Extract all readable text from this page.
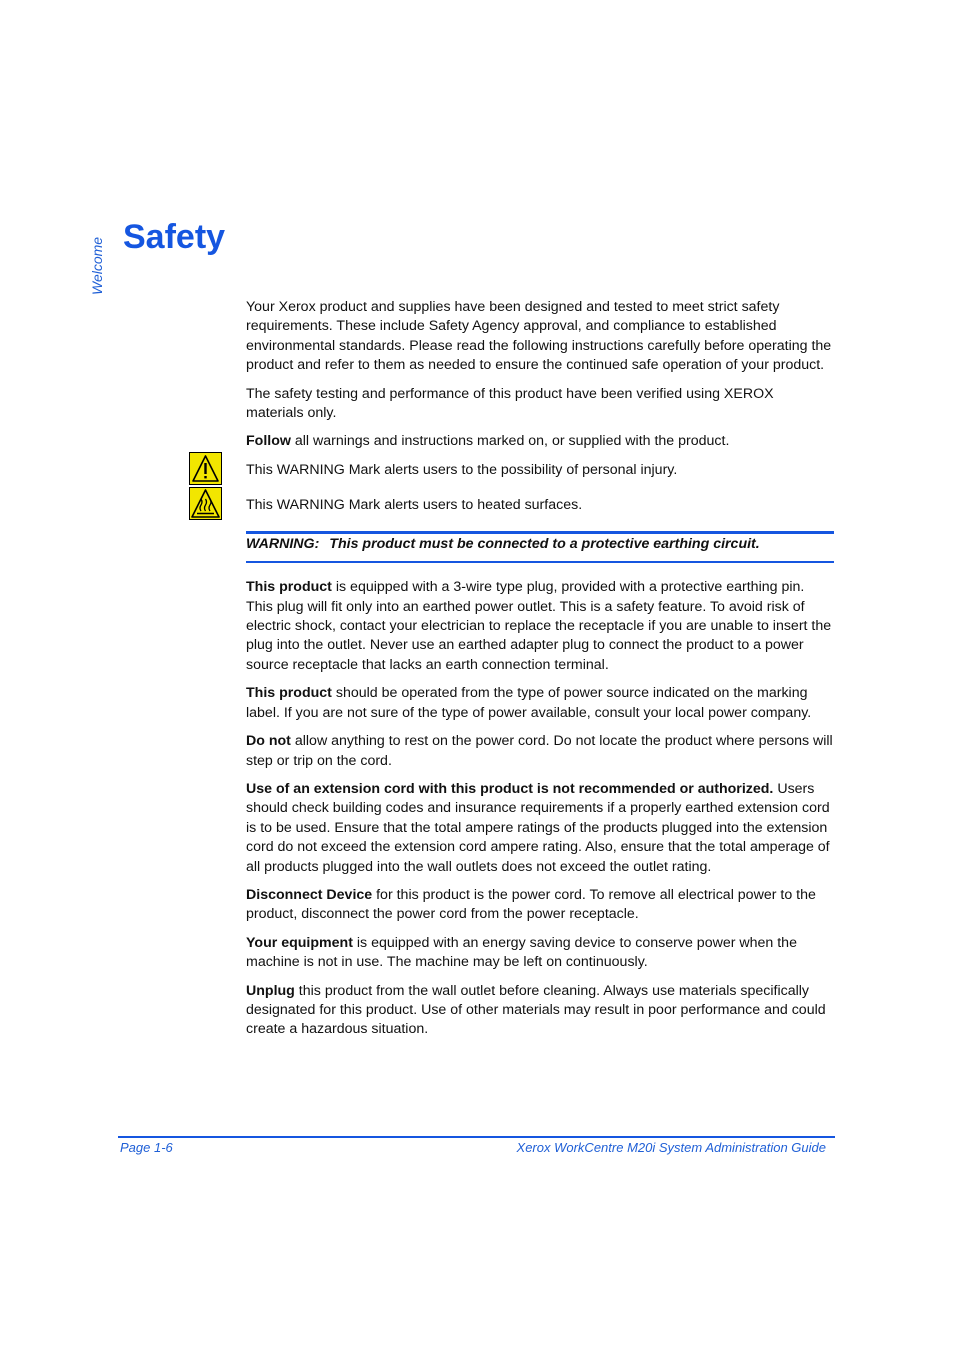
Welcome Safety

Your Xerox product and supplies have been designed and tested to meet strict safety requirements. These include Safety Agency approval, and compliance to established environmental standards. Please read the following instructions carefully before operating the product and refer to them as needed to ensure the continued safe operation of your product.

The safety testing and performance of this product have been verified using XEROX materials only.

Follow all warnings and instructions marked on, or supplied with the product.

This WARNING Mark alerts users to the possibility of personal injury.

This WARNING Mark alerts users to heated surfaces.

WARNING: This product must be connected to a protective earthing circuit.

This product is equipped with a 3-wire type plug, provided with a protective earthing pin. This plug will fit only into an earthed power outlet. This is a safety feature. To avoid risk of electric shock, contact your electrician to replace the receptacle if you are unable to insert the plug into the outlet. Never use an earthed adapter plug to connect the product to a power source receptacle that lacks an earth connection terminal.

This product should be operated from the type of power source indicated on the marking label. If you are not sure of the type of power available, consult your local power company.

Do not allow anything to rest on the power cord. Do not locate the product where persons will step or trip on the cord.

Use of an extension cord with this product is not recommended or authorized. Users should check building codes and insurance requirements if a properly earthed extension cord is to be used. Ensure that the total ampere ratings of the products plugged into the extension cord do not exceed the extension cord ampere rating. Also, ensure that the total amperage of all products plugged into the wall outlets does not exceed the outlet rating.

Disconnect Device for this product is the power cord. To remove all electrical power to the product, disconnect the power cord from the power receptacle.

Your equipment is equipped with an energy saving device to conserve power when the machine is not in use. The machine may be left on continuously.

Unplug this product from the wall outlet before cleaning. Always use materials specifically designated for this product. Use of other materials may result in poor performance and could create a hazardous situation.

Page 1-6	Xerox WorkCentre M20i System Administration Guide
